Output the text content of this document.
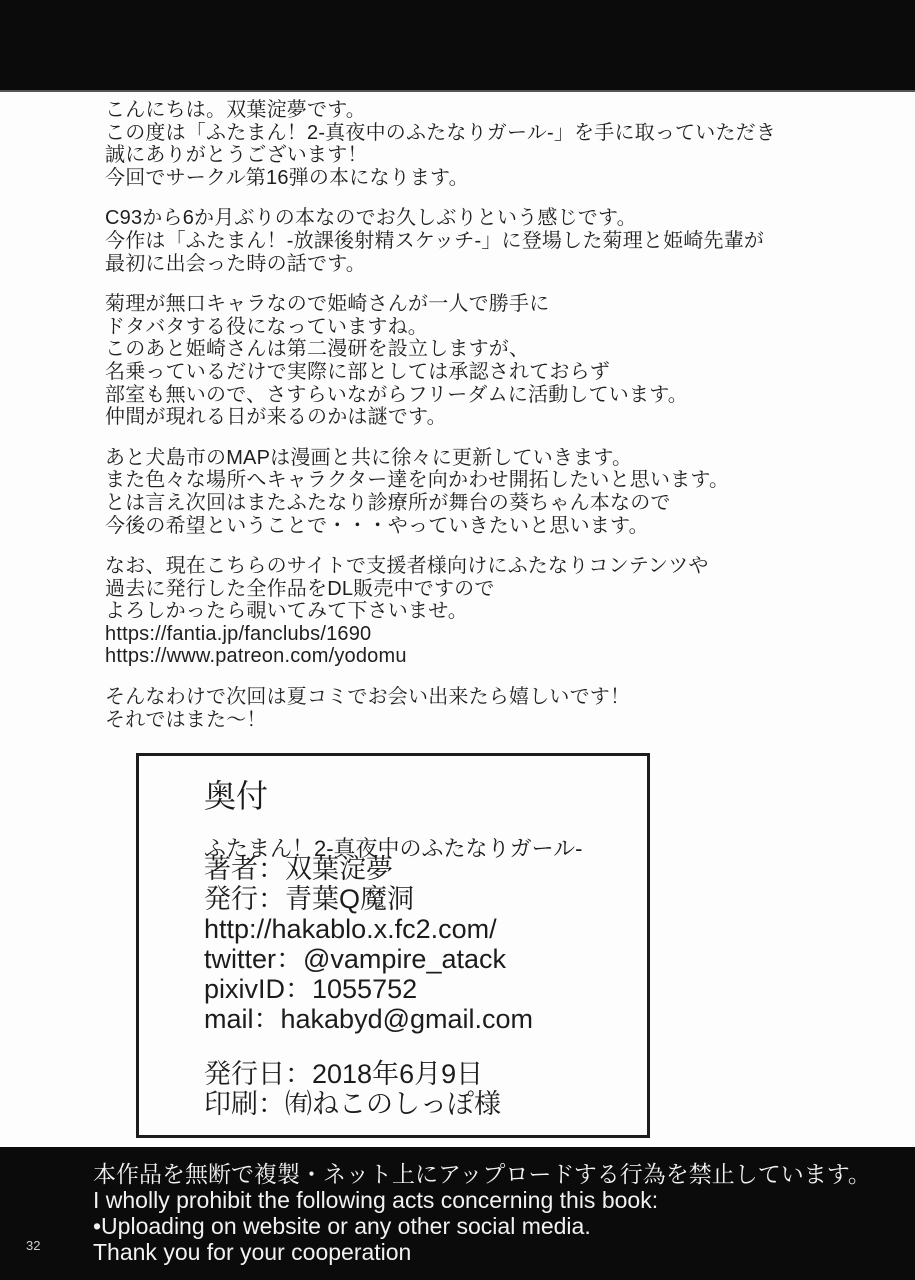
こんにちは。双葉淀夢です。
この度は「ふたまん！2-真夜中のふたなりガール-」を手に取っていただき
誠にありがとうございます！
今回でサークル第16弾の本になります。
C93から6か月ぶりの本なのでお久しぶりという感じです。
今作は「ふたまん！-放課後射精スケッチ-」に登場した菊理と姫崎先輩が
最初に出会った時の話です。
菊理が無口キャラなので姫崎さんが一人で勝手に
ドタバタする役になっていますね。
このあと姫崎さんは第二漫研を設立しますが、
名乗っているだけで実際に部としては承認されておらず
部室も無いので、さすらいながらフリーダムに活動しています。
仲間が現れる日が来るのかは謎です。
あと犬島市のMAPは漫画と共に徐々に更新していきます。
また色々な場所へキャラクター達を向かわせ開拓したいと思います。
とは言え次回はまたふたなり診療所が舞台の葵ちゃん本なので
今後の希望ということで・・・やっていきたいと思います。
なお、現在こちらのサイトで支援者様向けにふたなりコンテンツや
過去に発行した全作品をDL販売中ですので
よろしかったら覗いてみて下さいませ。
https://fantia.jp/fanclubs/1690
https://www.patreon.com/yodomu
そんなわけで次回は夏コミでお会い出来たら嬉しいです！
それではまた～！
奥付
ふたまん！2-真夜中のふたなりガール-
著者：双葉淀夢
発行：青葉Q魔洞
http://hakablo.x.fc2.com/
twitter：@vampire_atack
pixivID：1055752
mail：hakabyd@gmail.com
発行日：2018年6月9日
印刷：㈲ねこのしっぽ様
本作品を無断で複製・ネット上にアップロードする行為を禁止しています。
I wholly prohibit the following acts concerning this book:
•Uploading on website or any other social media.
Thank you for your cooperation
32
